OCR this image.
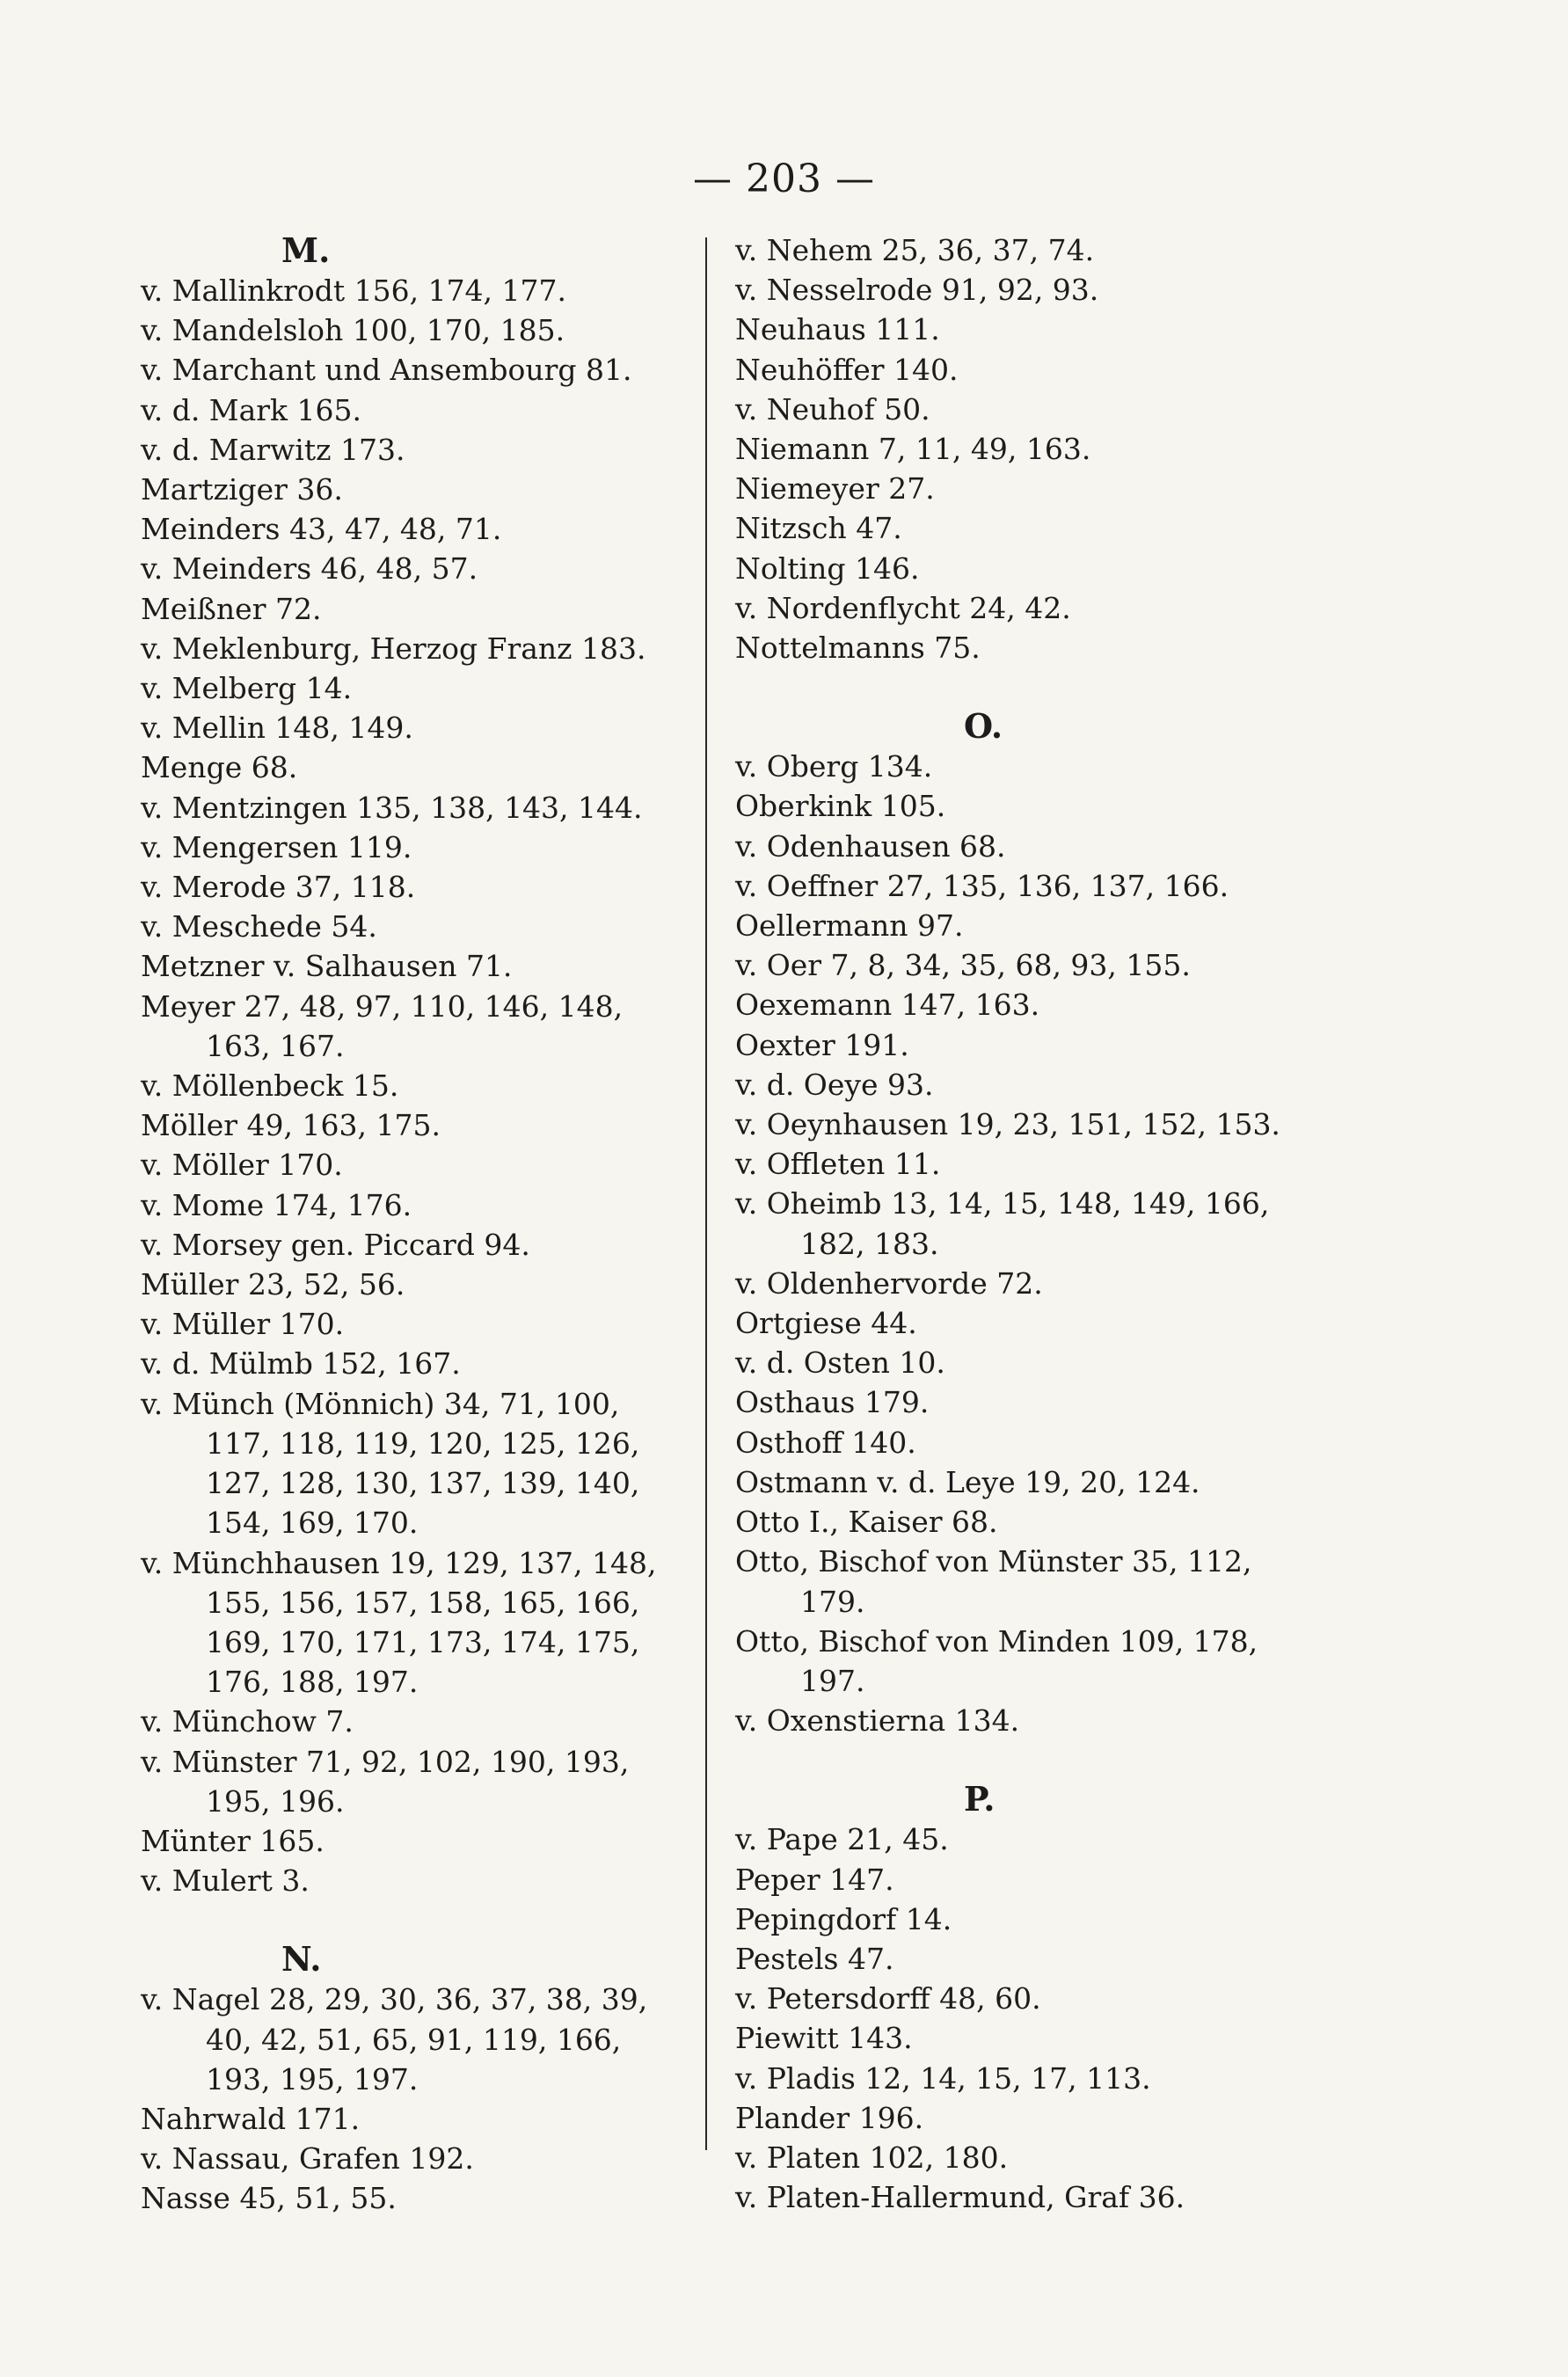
— 203 —
M.
v. Mallinkrodt 156, 174, 177.
v. Mandelsloh 100, 170, 185.
v. Marchant und Ansembourg 81.
v. d. Mark 165.
v. d. Marwitz 173.
Martziger 36.
Meinders 43, 47, 48, 71.
v. Meinders 46, 48, 57.
Meißner 72.
v. Meklenburg, Herzog Franz 183.
v. Melberg 14.
v. Mellin 148, 149.
Menge 68.
v. Mentzingen 135, 138, 143, 144.
v. Mengersen 119.
v. Merode 37, 118.
v. Meschede 54.
Metzner v. Salhausen 71.
Meyer 27, 48, 97, 110, 146, 148, 163, 167.
v. Möllenbeck 15.
Möller 49, 163, 175.
v. Möller 170.
v. Mome 174, 176.
v. Morsey gen. Piccard 94.
Müller 23, 52, 56.
v. Müller 170.
v. d. Mülmb 152, 167.
v. Münch (Mönnich) 34, 71, 100, 117, 118, 119, 120, 125, 126, 127, 128, 130, 137, 139, 140, 154, 169, 170.
v. Münchhausen 19, 129, 137, 148, 155, 156, 157, 158, 165, 166, 169, 170, 171, 173, 174, 175, 176, 188, 197.
v. Münchow 7.
v. Münster 71, 92, 102, 190, 193, 195, 196.
Münter 165.
v. Mulert 3.
N.
v. Nagel 28, 29, 30, 36, 37, 38, 39, 40, 42, 51, 65, 91, 119, 166, 193, 195, 197.
Nahrwald 171.
v. Nassau, Grafen 192.
Nasse 45, 51, 55.
v. Nehem 25, 36, 37, 74.
v. Nesselrode 91, 92, 93.
Neuhaus 111.
Neuhöffer 140.
v. Neuhof 50.
Niemann 7, 11, 49, 163.
Niemeyer 27.
Nitzsch 47.
Nolting 146.
v. Nordenflycht 24, 42.
Nottelmanns 75.
O.
v. Oberg 134.
Oberkink 105.
v. Odenhausen 68.
v. Oeffner 27, 135, 136, 137, 166.
Oellermann 97.
v. Oer 7, 8, 34, 35, 68, 93, 155.
Oexemann 147, 163.
Oexter 191.
v. d. Oeye 93.
v. Oeynhausen 19, 23, 151, 152, 153.
v. Offleten 11.
v. Oheimb 13, 14, 15, 148, 149, 166, 182, 183.
v. Oldenhervorde 72.
Ortgiese 44.
v. d. Osten 10.
Osthaus 179.
Osthoff 140.
Ostmann v. d. Leye 19, 20, 124.
Otto I., Kaiser 68.
Otto, Bischof von Münster 35, 112, 179.
Otto, Bischof von Minden 109, 178, 197.
v. Oxenstierna 134.
P.
v. Pape 21, 45.
Peper 147.
Pepingdorf 14.
Pestels 47.
v. Petersdorff 48, 60.
Piewitt 143.
v. Pladis 12, 14, 15, 17, 113.
Plander 196.
v. Platen 102, 180.
v. Platen-Hallermund, Graf 36.
